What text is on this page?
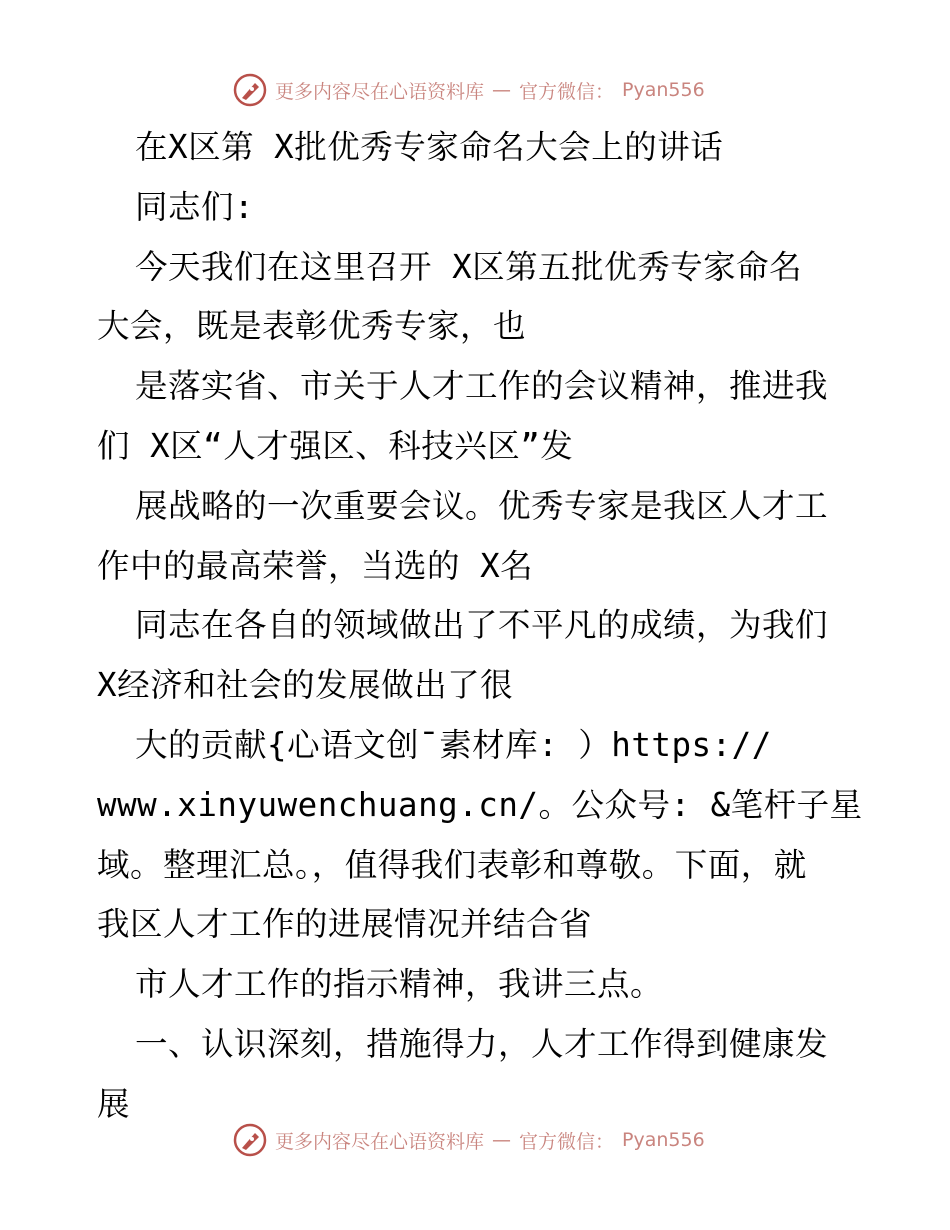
更多内容尽在心语资料库 — 官方微信： Pyan556
在X区第 X批优秀专家命名大会上的讲话
同志们:
今天我们在这里召开 X区第五批优秀专家命名
大会，既是表彰优秀专家，也
是落实省、市关于人才工作的会议精神，推进我
们 X区“人才强区、科技兴区”发
展战略的一次重要会议。优秀专家是我区人才工
作中的最高荣誉，当选的 X名
同志在各自的领域做出了不平凡的成绩，为我们
X经济和社会的发展做出了很
大的贡献{心语文创¯素材库: ）https://
www.xinyuwenchuang.cn/。公众号: &笔杆子星
域。整理汇总。，值得我们表彰和尊敬。下面，就
我区人才工作的进展情况并结合省
市人才工作的指示精神，我讲三点。
一、认识深刻，措施得力，人才工作得到健康发
展
更多内容尽在心语资料库 — 官方微信： Pyan556
